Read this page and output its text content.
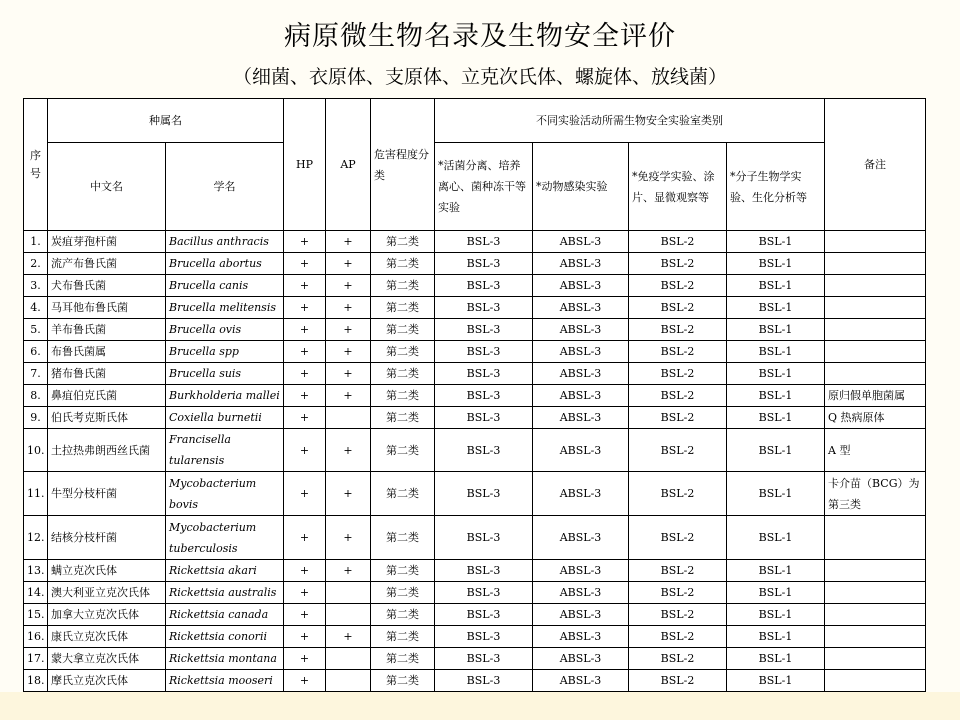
病原微生物名录及生物安全评价
（细菌、衣原体、支原体、立克次氏体、螺旋体、放线菌）
序号	种属名		HP	AP	危害程度分类	不同实验活动所需生物安全实验室类别				备注
	中文名	学名				*活菌分离、培养离心、菌种冻干等实验	*动物感染实验	*免疫学实验、涂片、显微观察等	*分子生物学实验、生化分析等	
1.	炭疽芽孢杆菌	Bacillus anthracis	+	+	第二类	BSL-3	ABSL-3	BSL-2	BSL-1	
2.	流产布鲁氏菌	Brucella abortus	+	+	第二类	BSL-3	ABSL-3	BSL-2	BSL-1	
3.	犬布鲁氏菌	Brucella canis	+	+	第二类	BSL-3	ABSL-3	BSL-2	BSL-1	
4.	马耳他布鲁氏菌	Brucella melitensis	+	+	第二类	BSL-3	ABSL-3	BSL-2	BSL-1	
5.	羊布鲁氏菌	Brucella ovis	+	+	第二类	BSL-3	ABSL-3	BSL-2	BSL-1	
6.	布鲁氏菌属	Brucella spp	+	+	第二类	BSL-3	ABSL-3	BSL-2	BSL-1	
7.	猪布鲁氏菌	Brucella suis	+	+	第二类	BSL-3	ABSL-3	BSL-2	BSL-1	
8.	鼻疽伯克氏菌	Burkholderia mallei	+	+	第二类	BSL-3	ABSL-3	BSL-2	BSL-1	原归假单胞菌属
9.	伯氏考克斯氏体	Coxiella burnetii	+		第二类	BSL-3	ABSL-3	BSL-2	BSL-1	Q 热病原体
10.	土拉热弗朗西丝氏菌	Francisella tularensis	+	+	第二类	BSL-3	ABSL-3	BSL-2	BSL-1	A 型
11.	牛型分枝杆菌	Mycobacterium bovis	+	+	第二类	BSL-3	ABSL-3	BSL-2	BSL-1	卡介苗（BCG）为第三类
12.	结核分枝杆菌	Mycobacterium tuberculosis	+	+	第二类	BSL-3	ABSL-3	BSL-2	BSL-1	
13.	螨立克次氏体	Rickettsia akari	+	+	第二类	BSL-3	ABSL-3	BSL-2	BSL-1	
14.	澳大利亚立克次氏体	Rickettsia australis	+		第二类	BSL-3	ABSL-3	BSL-2	BSL-1	
15.	加拿大立克次氏体	Rickettsia canada	+		第二类	BSL-3	ABSL-3	BSL-2	BSL-1	
16.	康氏立克次氏体	Rickettsia conorii	+	+	第二类	BSL-3	ABSL-3	BSL-2	BSL-1	
17.	蒙大拿立克次氏体	Rickettsia montana	+		第二类	BSL-3	ABSL-3	BSL-2	BSL-1	
18.	摩氏立克次氏体	Rickettsia mooseri	+		第二类	BSL-3	ABSL-3	BSL-2	BSL-1	
